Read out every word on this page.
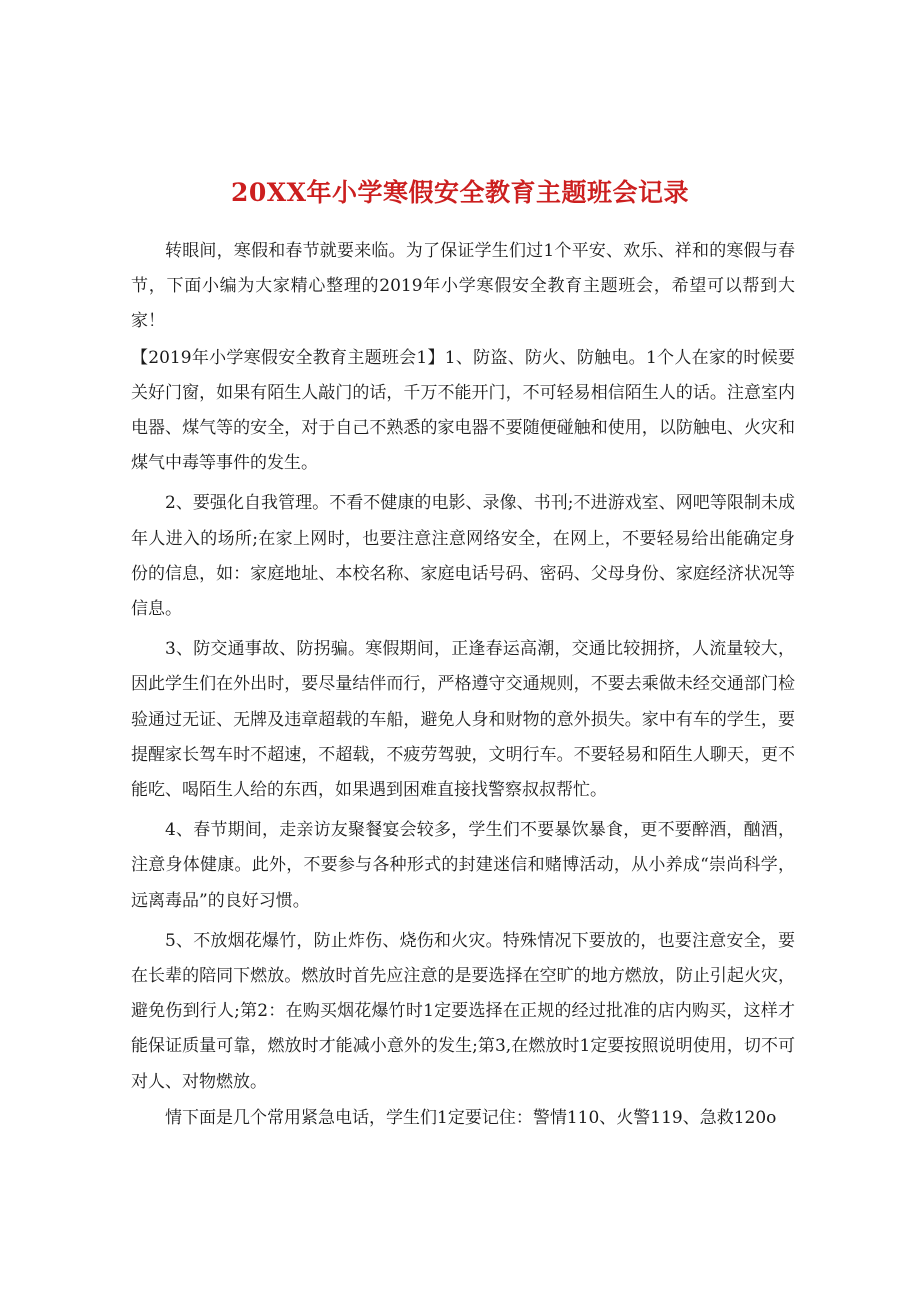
20XX年小学寒假安全教育主题班会记录

转眼间，寒假和春节就要来临。为了保证学生们过1个平安、欢乐、祥和的寒假与春节，下面小编为大家精心整理的2019年小学寒假安全教育主题班会，希望可以帮到大家！

【2019年小学寒假安全教育主题班会1】1、防盗、防火、防触电。1个人在家的时候要关好门窗，如果有陌生人敲门的话，千万不能开门，不可轻易相信陌生人的话。注意室内电器、煤气等的安全，对于自己不熟悉的家电器不要随便碰触和使用，以防触电、火灾和煤气中毒等事件的发生。

2、要强化自我管理。不看不健康的电影、录像、书刊;不进游戏室、网吧等限制未成年人进入的场所;在家上网时，也要注意注意网络安全，在网上，不要轻易给出能确定身份的信息，如：家庭地址、本校名称、家庭电话号码、密码、父母身份、家庭经济状况等信息。

3、防交通事故、防拐骗。寒假期间，正逢春运高潮，交通比较拥挤，人流量较大，因此学生们在外出时，要尽量结伴而行，严格遵守交通规则，不要去乘做未经交通部门检验通过无证、无牌及违章超载的车船，避免人身和财物的意外损失。家中有车的学生，要提醒家长驾车时不超速，不超载，不疲劳驾驶，文明行车。不要轻易和陌生人聊天，更不能吃、喝陌生人给的东西，如果遇到困难直接找警察叔叔帮忙。

4、春节期间，走亲访友聚餐宴会较多，学生们不要暴饮暴食，更不要醉酒，酗酒，注意身体健康。此外，不要参与各种形式的封建迷信和赌博活动，从小养成“崇尚科学，远离毒品”的良好习惯。

5、不放烟花爆竹，防止炸伤、烧伤和火灾。特殊情况下要放的，也要注意安全，要在长辈的陪同下燃放。燃放时首先应注意的是要选择在空旷的地方燃放，防止引起火灾，避免伤到行人;第2：在购买烟花爆竹时1定要选择在正规的经过批准的店内购买，这样才能保证质量可靠，燃放时才能减小意外的发生;第3,在燃放时1定要按照说明使用，切不可对人、对物燃放。

情下面是几个常用紧急电话，学生们1定要记住：警情110、火警119、急救120o
